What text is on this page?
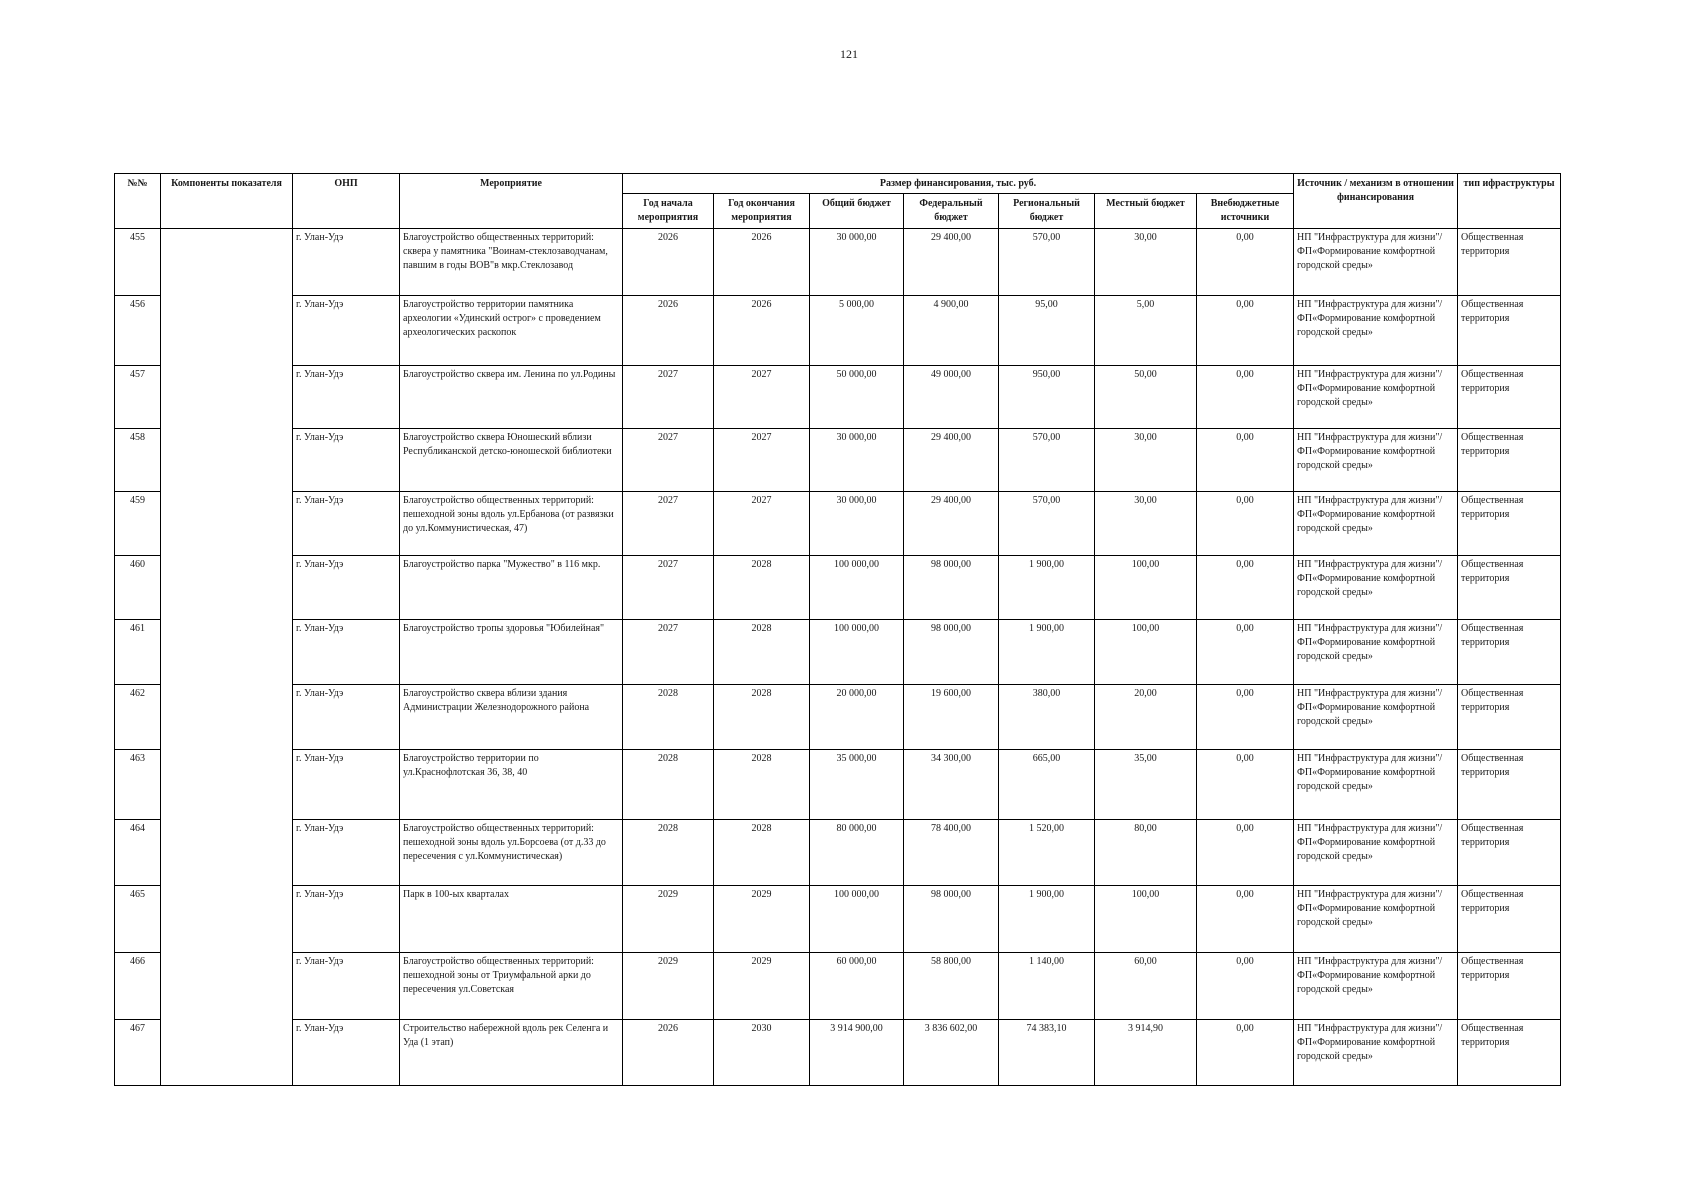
121
№№	Компоненты показателя	ОНП	Мероприятие	Размер финансирования, тыс. руб.							Источник / механизм в отношении финансирования	тип ифраструктуры
				Год начала мероприятия	Год окончания мероприятия	Общий бюджет	Федеральный бюджет	Региональный бюджет	Местный бюджет	Внебюджетные источники		
455		г. Улан-Удэ	Благоустройство общественных территорий: сквера у памятника "Воинам-стеклозаводчанам, павшим в годы ВОВ"в мкр.Стеклозавод	2026	2026	30 000,00	29 400,00	570,00	30,00	0,00	НП "Инфраструктура для жизни"/ФП«Формирование комфортной городской среды»	Общественная территория
456		г. Улан-Удэ	Благоустройство территории памятника археологии «Удинский острог» с проведением археологических раскопок	2026	2026	5 000,00	4 900,00	95,00	5,00	0,00	НП "Инфраструктура для жизни"/ФП«Формирование комфортной городской среды»	Общественная территория
457		г. Улан-Удэ	Благоустройство сквера им. Ленина по ул.Родины	2027	2027	50 000,00	49 000,00	950,00	50,00	0,00	НП "Инфраструктура для жизни"/ФП«Формирование комфортной городской среды»	Общественная территория
458		г. Улан-Удэ	Благоустройство сквера Юношеский вблизи Республиканской детско-юношеской библиотеки	2027	2027	30 000,00	29 400,00	570,00	30,00	0,00	НП "Инфраструктура для жизни"/ФП«Формирование комфортной городской среды»	Общественная территория
459		г. Улан-Удэ	Благоустройство общественных территорий: пешеходной зоны вдоль ул.Ербанова (от развязки до ул.Коммунистическая, 47)	2027	2027	30 000,00	29 400,00	570,00	30,00	0,00	НП "Инфраструктура для жизни"/ФП«Формирование комфортной городской среды»	Общественная территория
460		г. Улан-Удэ	Благоустройство парка "Мужество" в 116 мкр.	2027	2028	100 000,00	98 000,00	1 900,00	100,00	0,00	НП "Инфраструктура для жизни"/ФП«Формирование комфортной городской среды»	Общественная территория
461		г. Улан-Удэ	Благоустройство тропы здоровья "Юбилейная"	2027	2028	100 000,00	98 000,00	1 900,00	100,00	0,00	НП "Инфраструктура для жизни"/ФП«Формирование комфортной городской среды»	Общественная территория
462		г. Улан-Удэ	Благоустройство сквера вблизи здания Администрации Железнодорожного района	2028	2028	20 000,00	19 600,00	380,00	20,00	0,00	НП "Инфраструктура для жизни"/ФП«Формирование комфортной городской среды»	Общественная территория
463		г. Улан-Удэ	Благоустройство территории по ул.Краснофлотская 36, 38, 40	2028	2028	35 000,00	34 300,00	665,00	35,00	0,00	НП "Инфраструктура для жизни"/ФП«Формирование комфортной городской среды»	Общественная территория
464		г. Улан-Удэ	Благоустройство общественных территорий: пешеходной зоны вдоль ул.Борсоева (от д.33 до пересечения с ул.Коммунистическая)	2028	2028	80 000,00	78 400,00	1 520,00	80,00	0,00	НП "Инфраструктура для жизни"/ФП«Формирование комфортной городской среды»	Общественная территория
465		г. Улан-Удэ	Парк в 100-ых кварталах	2029	2029	100 000,00	98 000,00	1 900,00	100,00	0,00	НП "Инфраструктура для жизни"/ФП«Формирование комфортной городской среды»	Общественная территория
466		г. Улан-Удэ	Благоустройство общественных территорий: пешеходной зоны от Триумфальной арки до пересечения ул.Советская	2029	2029	60 000,00	58 800,00	1 140,00	60,00	0,00	НП "Инфраструктура для жизни"/ФП«Формирование комфортной городской среды»	Общественная территория
467		г. Улан-Удэ	Строительство набережной вдоль рек Селенга и Уда (1 этап)	2026	2030	3 914 900,00	3 836 602,00	74 383,10	3 914,90	0,00	НП "Инфраструктура для жизни"/ФП«Формирование комфортной городской среды»	Общественная территория
